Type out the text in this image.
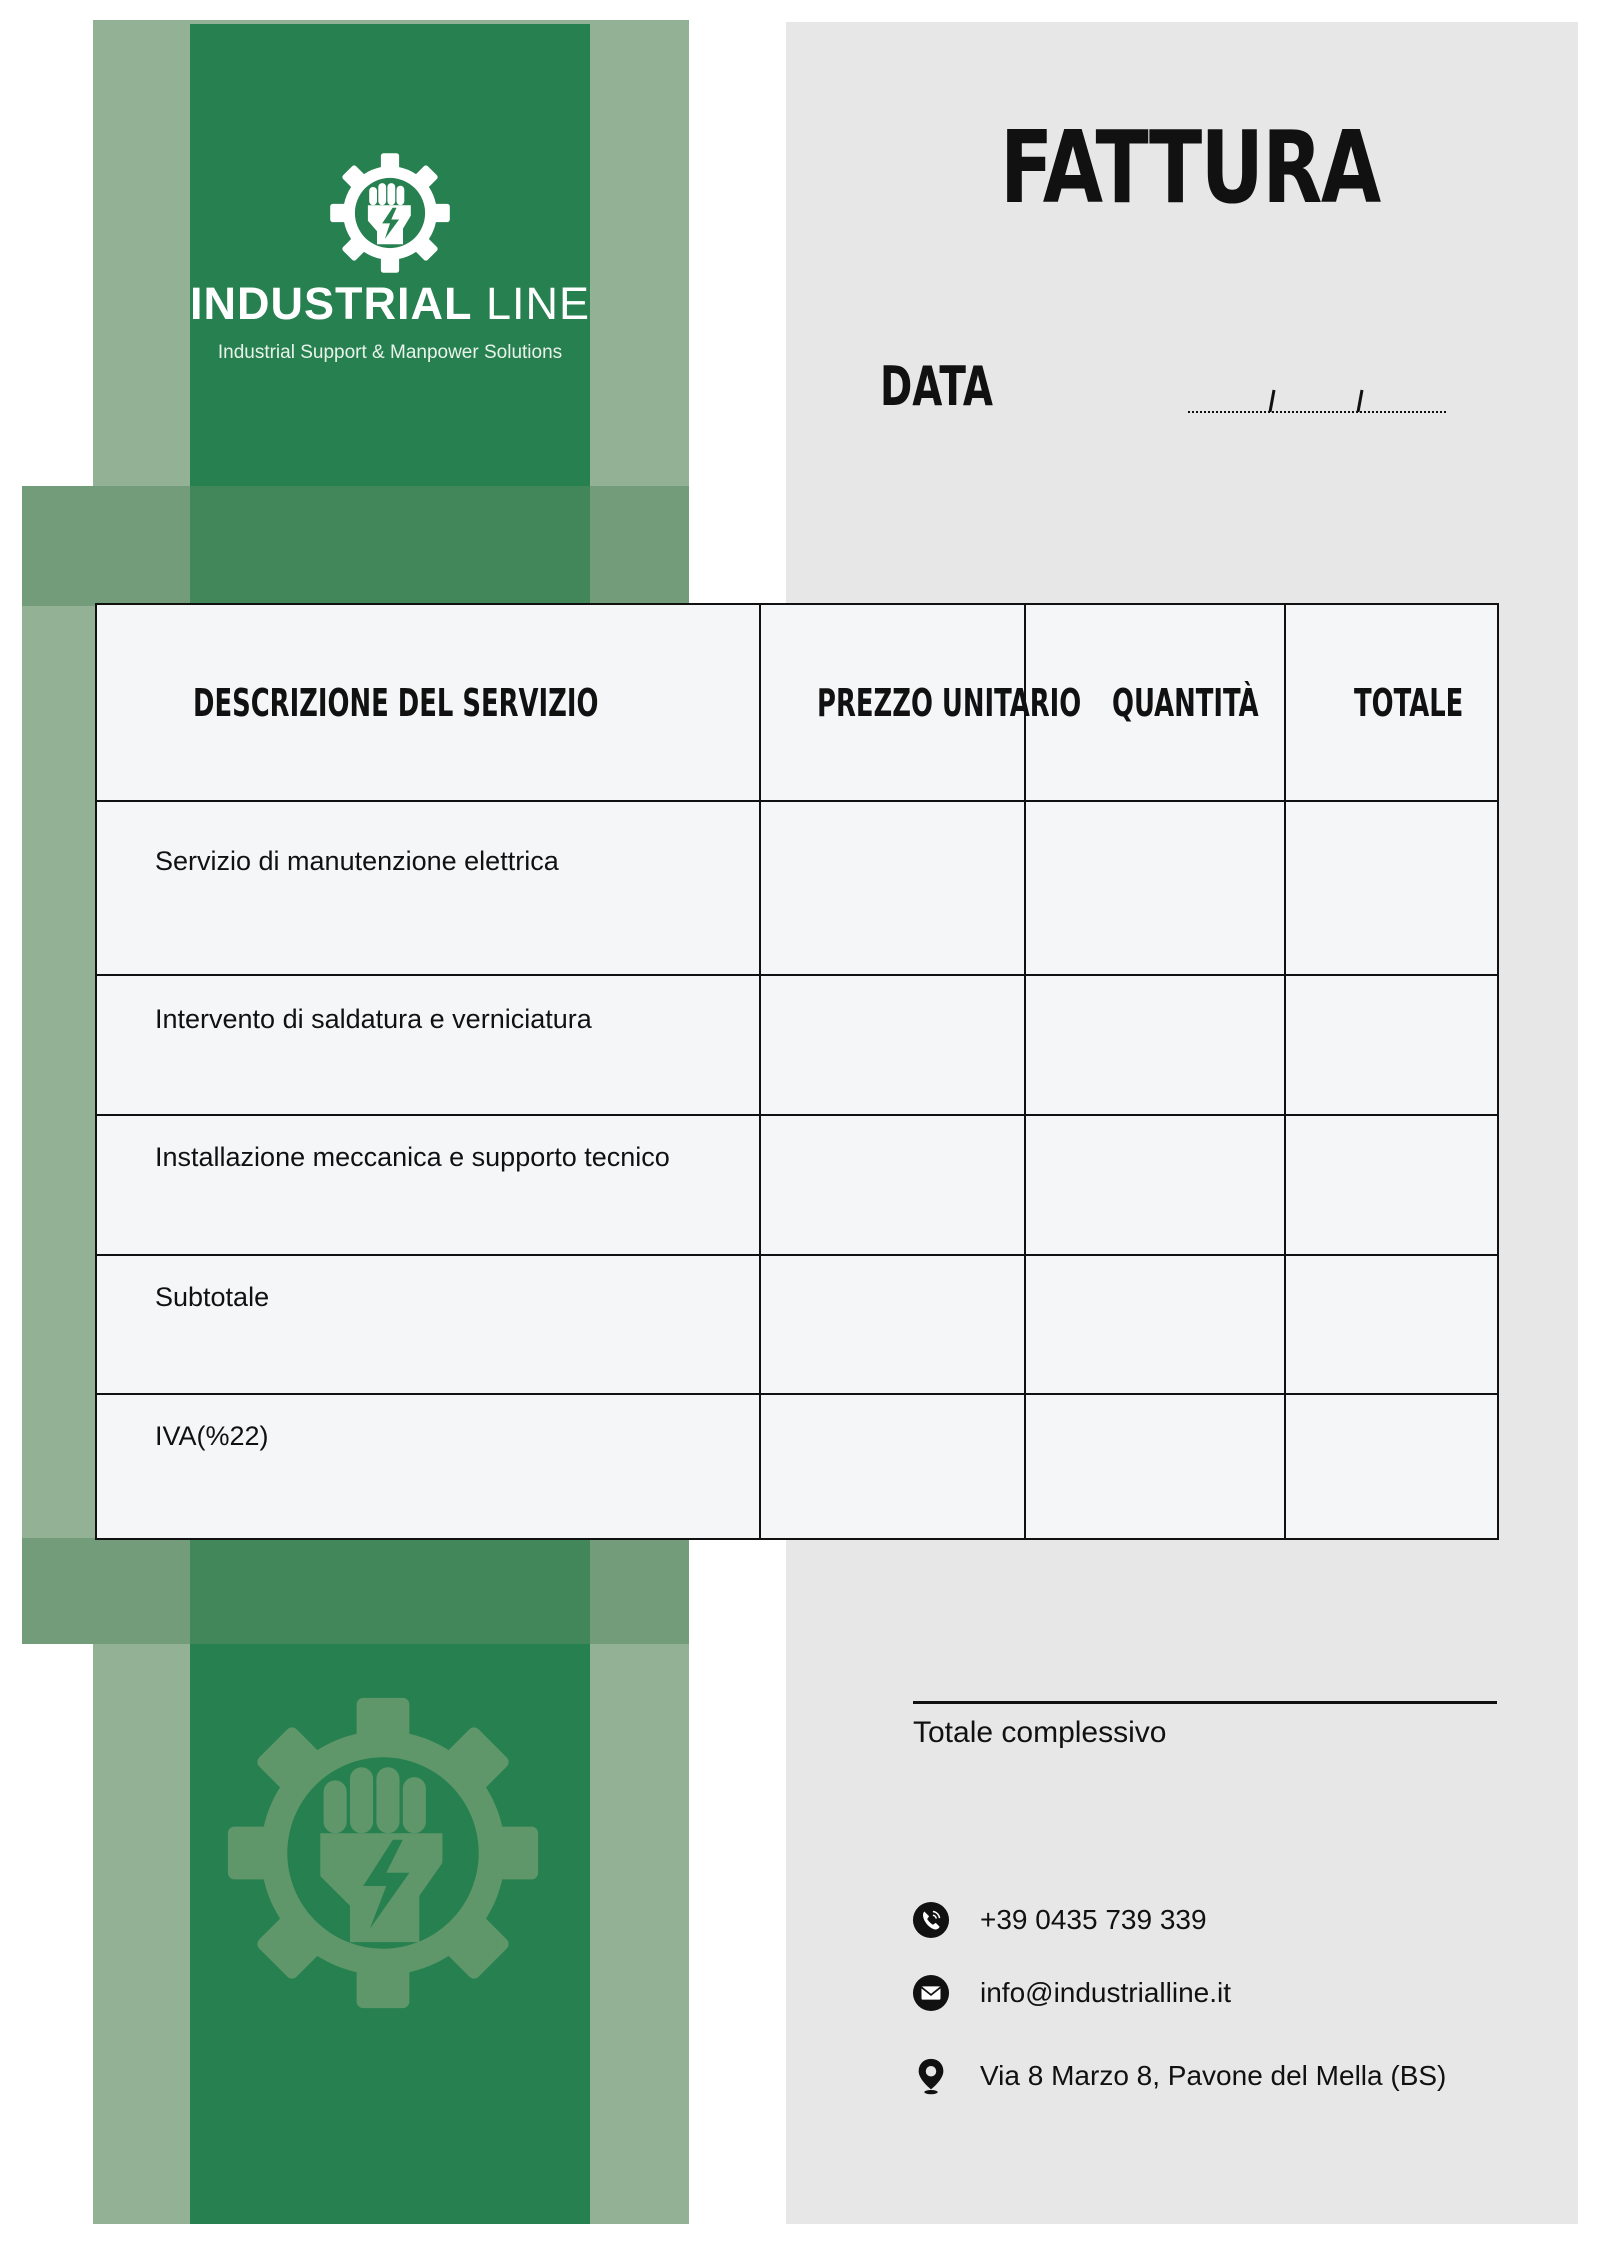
INDUSTRIAL LINE
Industrial Support & Manpower Solutions
FATTURA
DATA
DESCRIZIONE DEL SERVIZIO	PREZZO UNITARIO	QUANTITÀ	TOTALE
Servizio di manutenzione elettrica			
Intervento di saldatura e verniciatura			
Installazione meccanica e supporto tecnico			
Subtotale			
IVA(%22)			
Totale complessivo
+39 0435 739 339
info@industrialline.it
Via 8 Marzo 8, Pavone del Mella (BS)
